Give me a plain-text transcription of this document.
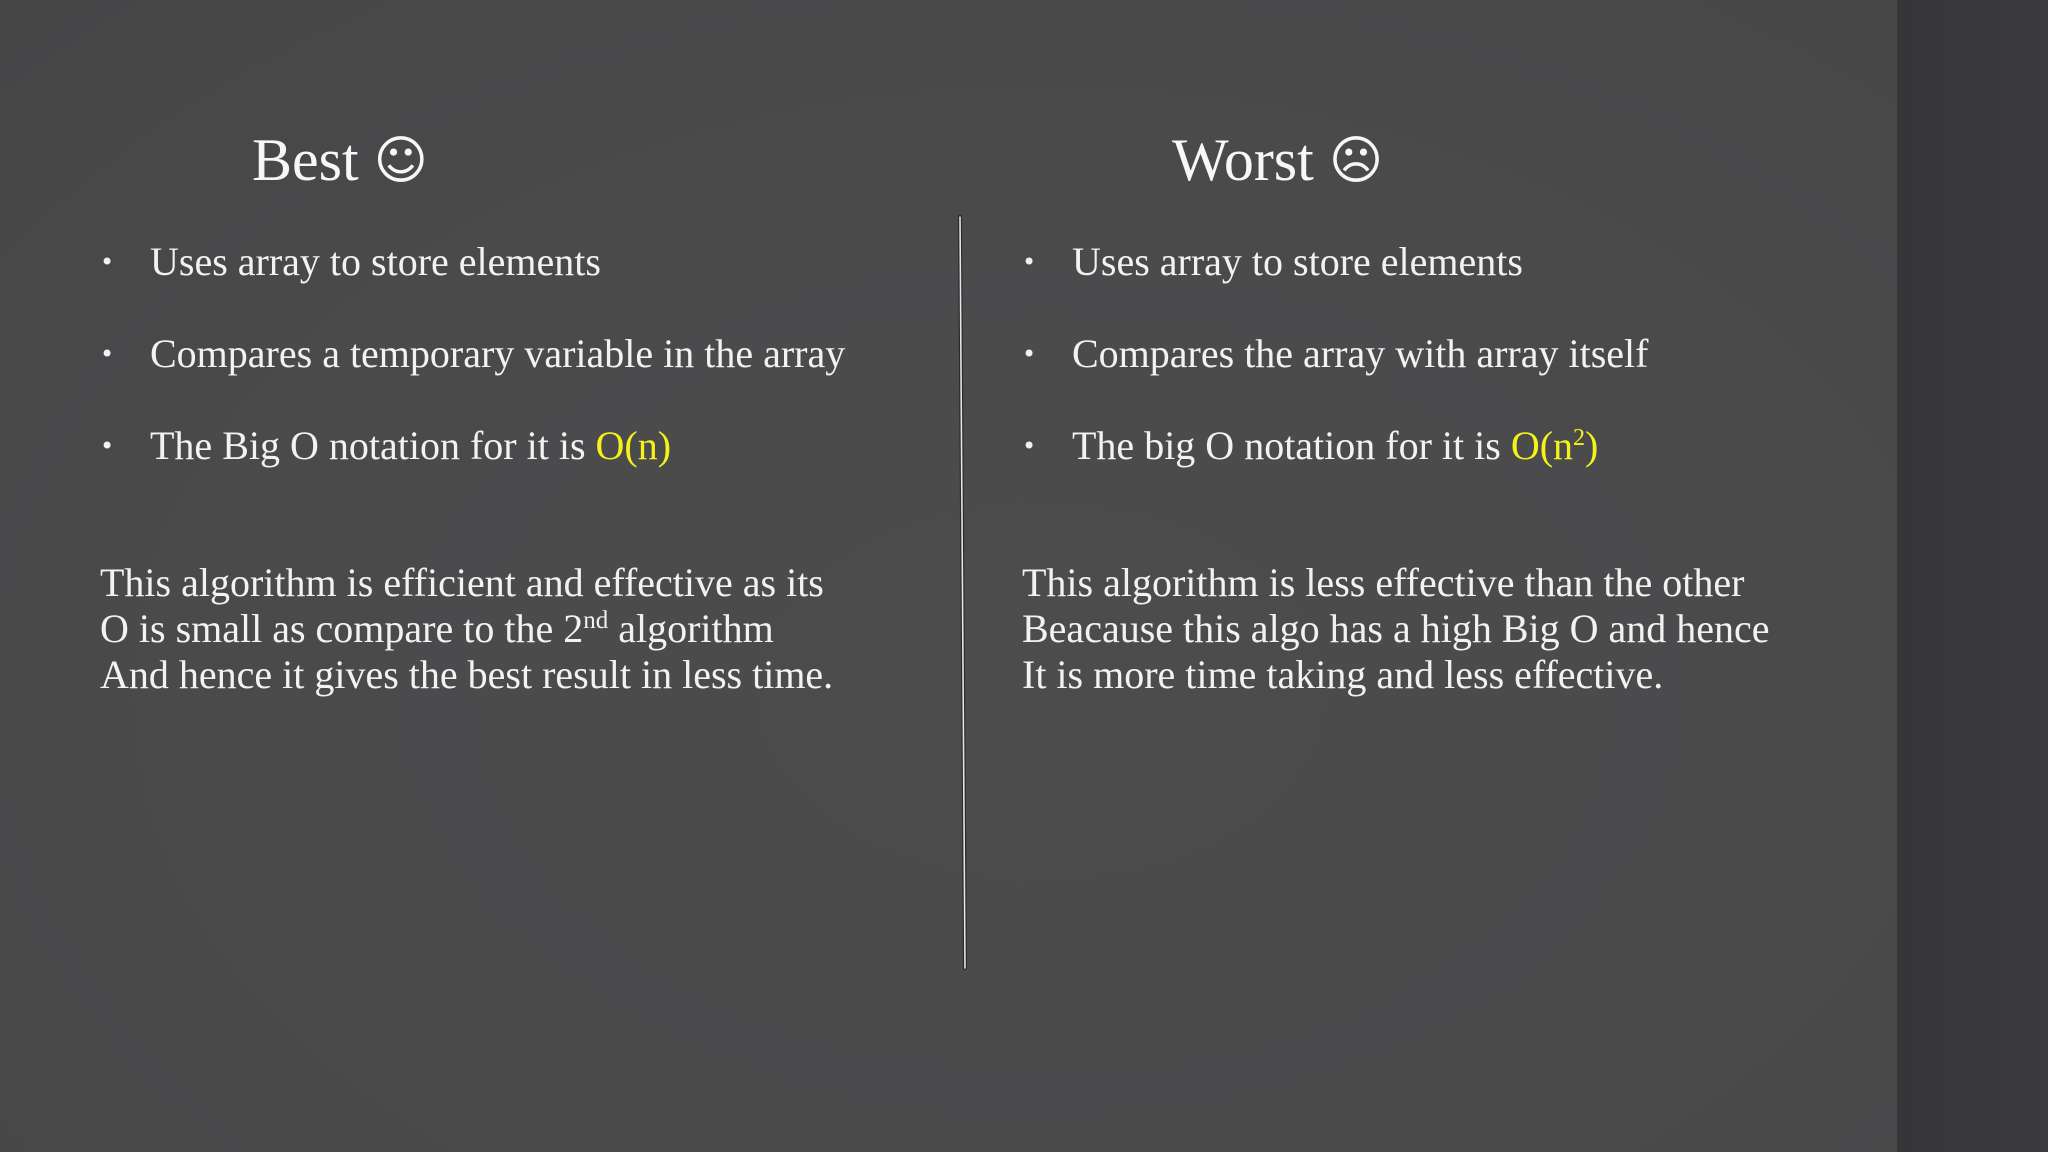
Best ☺	Worst ☹
• Uses array to store elements
• Compares a temporary variable in the array
• The Big O notation for it is O(n)
• Uses array to store elements
• Compares the array with array itself
• The big O notation for it is $O(n^2)$

This algorithm is efficient and effective as its
O is small as compare to the 2nd algorithm
And hence it gives the best result in less time.

This algorithm is less effective than the other
Beacause this algo has a high Big O and hence
It is more time taking and less effective.
